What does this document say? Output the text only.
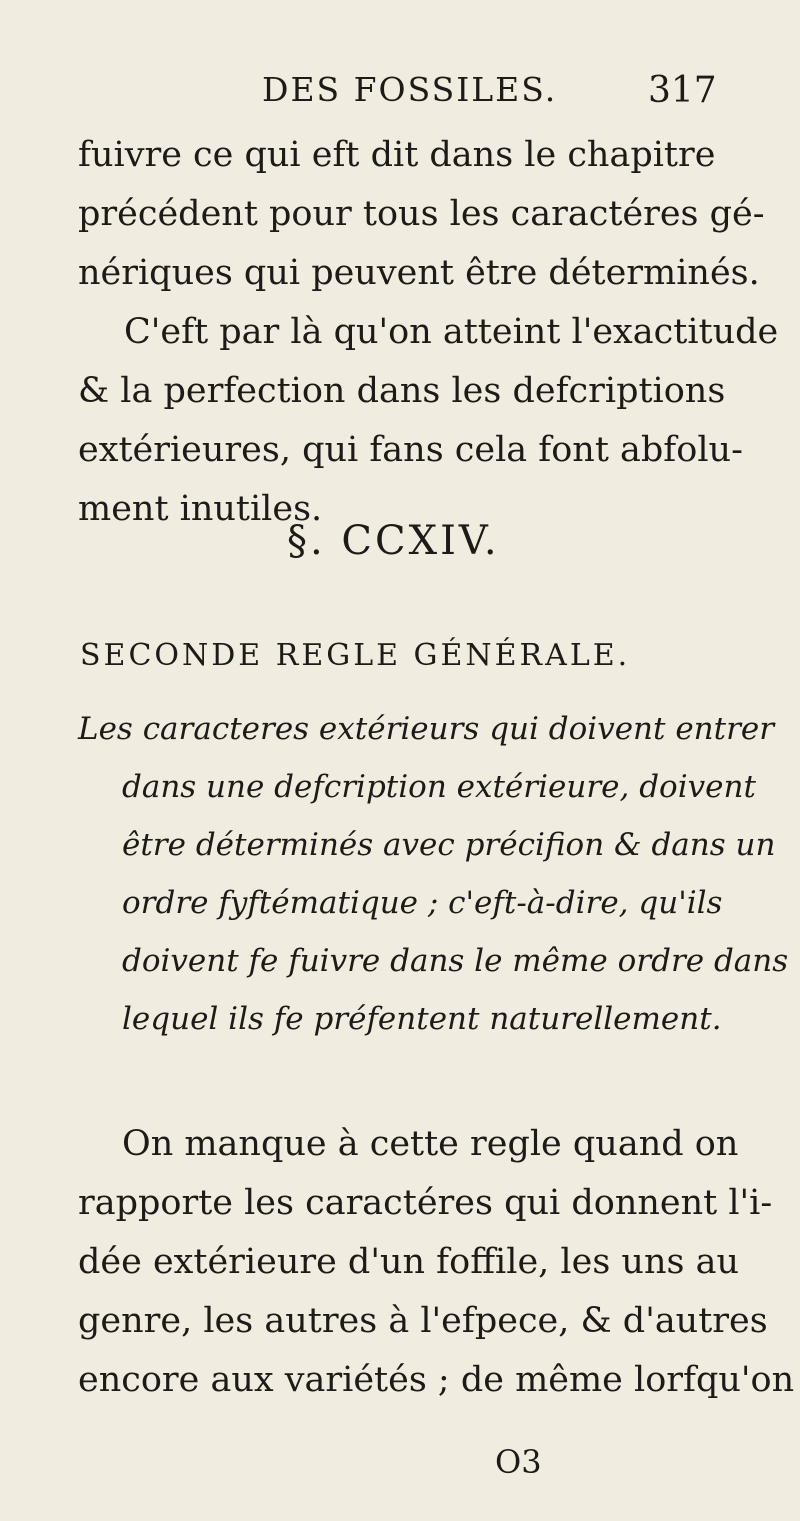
DES FOSSILES.	317
fuivre ce qui eft dit dans le chapitre
précédent pour tous les caractéres gé-
nériques qui peuvent être déterminés.
C'eft par là qu'on atteint l'exactitude
& la perfection dans les defcriptions
extérieures, qui fans cela font abfolu-
ment inutiles.
§. CCXIV.
SECONDE REGLE GÉNÉRALE.
Les caracteres extérieurs qui doivent entrer
dans une defcription extérieure, doivent
être déterminés avec précifion & dans un
ordre fyftématique ; c'eft-à-dire, qu'ils
doivent fe fuivre dans le même ordre dans
lequel ils fe préfentent naturellement.
On manque à cette regle quand on
rapporte les caractéres qui donnent l'i-
dée extérieure d'un foffile, les uns au
genre, les autres à l'efpece, & d'autres
encore aux variétés ; de même lorfqu'on
O3
